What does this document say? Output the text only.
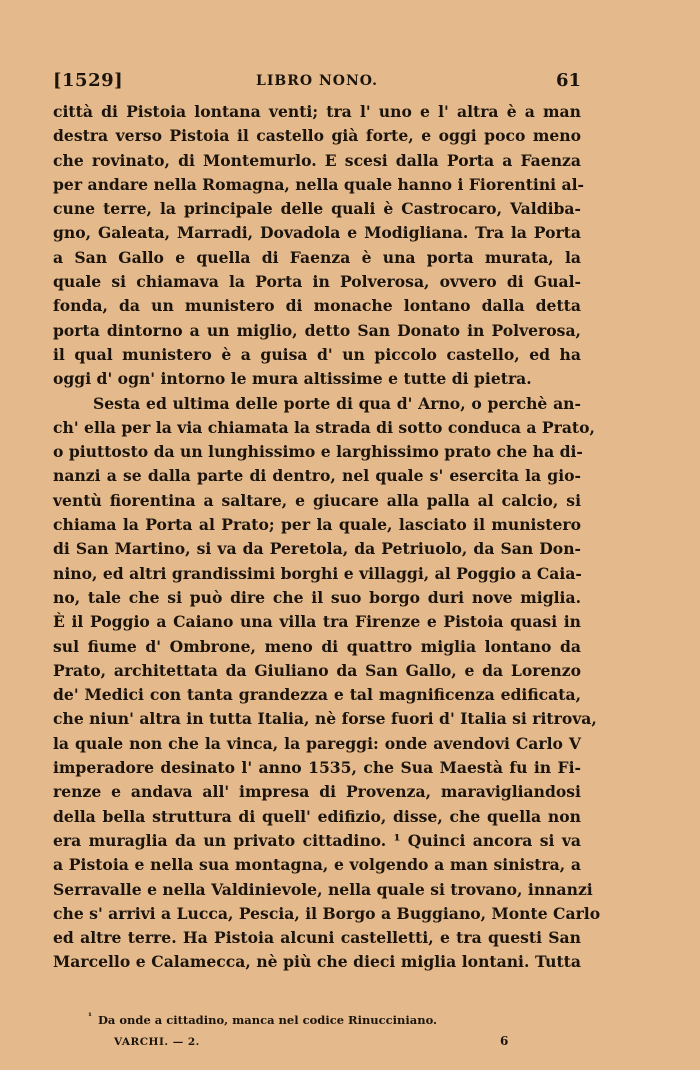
[1529]	LIBRO NONO.	61
città di Pistoia lontana venti; tra l' uno e l' altra è a man
destra verso Pistoia il castello già forte, e oggi poco meno
che rovinato, di Montemurlo. E scesi dalla Porta a Faenza
per andare nella Romagna, nella quale hanno i Fiorentini al-
cune terre, la principale delle quali è Castrocaro, Valdiba-
gno, Galeata, Marradi, Dovadola e Modigliana. Tra la Porta
a San Gallo e quella di Faenza è una porta murata, la
quale si chiamava la Porta in Polverosa, ovvero di Gual-
fonda, da un munistero di monache lontano dalla detta
porta dintorno a un miglio, detto San Donato in Polverosa,
il qual munistero è a guisa d' un piccolo castello, ed ha
oggi d' ogn' intorno le mura altissime e tutte di pietra.
Sesta ed ultima delle porte di qua d' Arno, o perchè an-
ch' ella per la via chiamata la strada di sotto conduca a Prato,
o piuttosto da un lunghissimo e larghissimo prato che ha di-
nanzi a se dalla parte di dentro, nel quale s' esercita la gio-
ventù fiorentina a saltare, e giucare alla palla al calcio, si
chiama la Porta al Prato; per la quale, lasciato il munistero
di San Martino, si va da Peretola, da Petriuolo, da San Don-
nino, ed altri grandissimi borghi e villaggi, al Poggio a Caia-
no, tale che si può dire che il suo borgo duri nove miglia.
È il Poggio a Caiano una villa tra Firenze e Pistoia quasi in
sul fiume d' Ombrone, meno di quattro miglia lontano da
Prato, architettata da Giuliano da San Gallo, e da Lorenzo
de' Medici con tanta grandezza e tal magnificenza edificata,
che niun' altra in tutta Italia, nè forse fuori d' Italia si ritrova,
la quale non che la vinca, la pareggi: onde avendovi Carlo V
imperadore desinato l' anno 1535, che Sua Maestà fu in Fi-
renze e andava all' impresa di Provenza, maravigliandosi
della bella struttura di quell' edifizio, disse, che quella non
era muraglia da un privato cittadino. ¹ Quinci ancora si va
a Pistoia e nella sua montagna, e volgendo a man sinistra, a
Serravalle e nella Valdinievole, nella quale si trovano, innanzi
che s' arrivi a Lucca, Pescia, il Borgo a Buggiano, Monte Carlo
ed altre terre. Ha Pistoia alcuni castelletti, e tra questi San
Marcello e Calamecca, nè più che dieci miglia lontani. Tutta
¹ Da onde a cittadino, manca nel codice Rinucciniano.
VARCHI. — 2.	6
